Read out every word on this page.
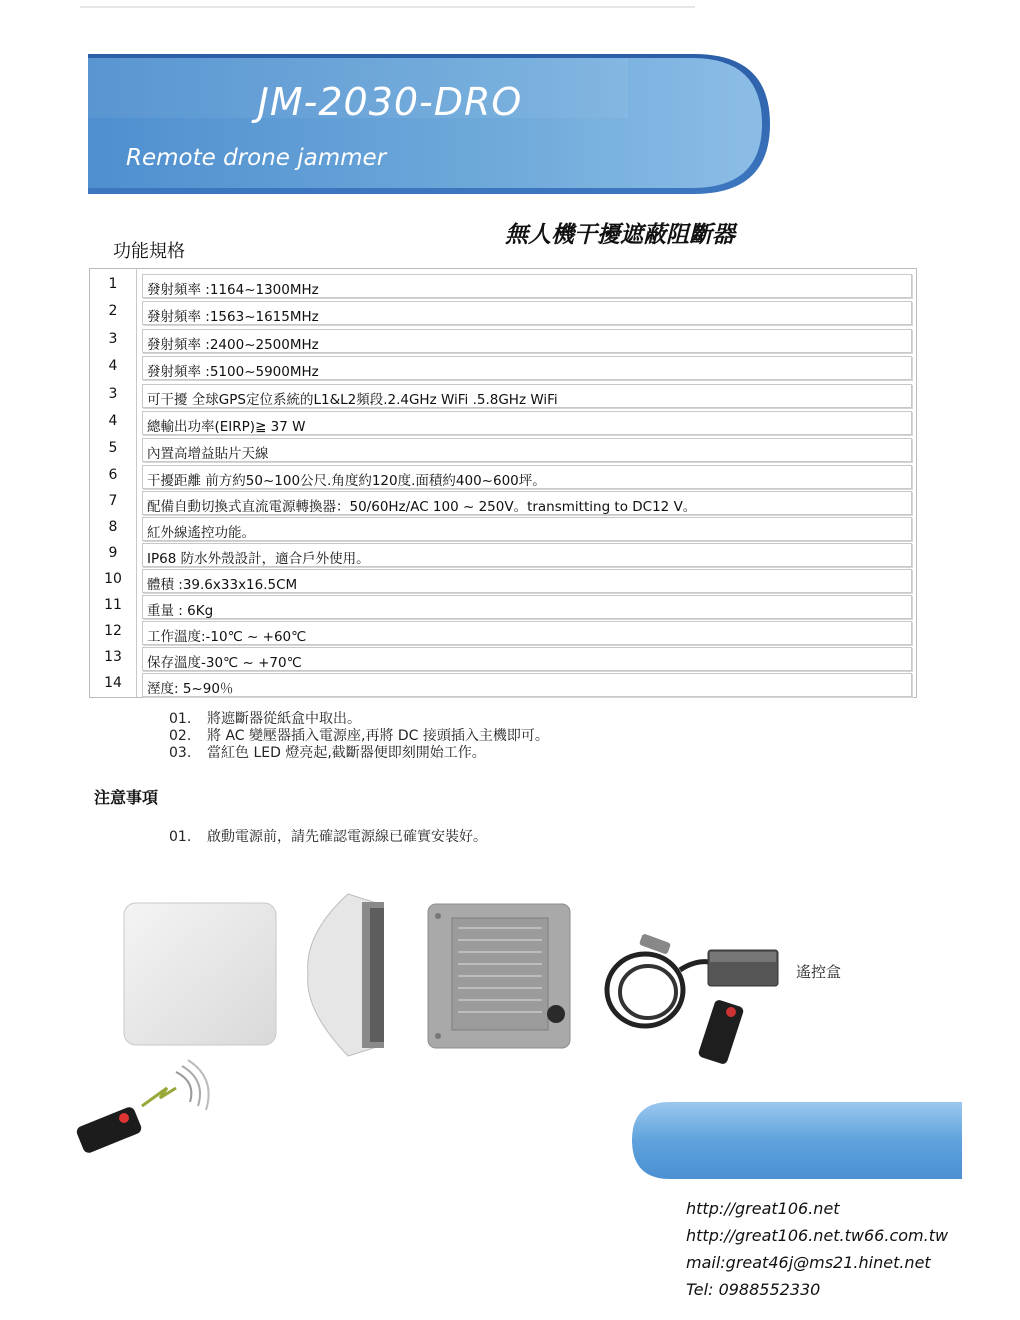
JM-2030-DRO
Remote drone jammer
無人機干擾遮蔽阻斷器
功能規格
1	發射頻率 :1164~1300MHz
2	發射頻率 :1563~1615MHz
3	發射頻率 :2400~2500MHz
4	發射頻率 :5100~5900MHz
3	可干擾 全球GPS定位系統的L1&L2頻段.2.4GHz WiFi .5.8GHz WiFi
4	總輸出功率(EIRP)≧ 37 W
5	內置高增益貼片天線
6	干擾距離 前方約50~100公尺.角度約120度.面積約400~600坪。
7	配備自動切換式直流電源轉換器：50/60Hz/AC 100 ~ 250V。transmitting to DC12 V。
8	紅外線遙控功能。
9	IP68 防水外殼設計，適合戶外使用。
10	體積 :39.6x33x16.5CM
11	重量 : 6Kg
12	工作溫度:-10℃ ~ +60℃
13	保存溫度-30℃ ~ +70℃
14	溼度: 5~90％
01. 將遮斷器從紙盒中取出。
02. 將 AC 變壓器插入電源座,再將 DC 接頭插入主機即可。
03. 當紅色 LED 燈亮起,截斷器便即刻開始工作。
注意事項
01. 啟動電源前，請先確認電源線已確實安裝好。
遙控盒
http://great106.net
http://great106.net.tw66.com.tw
mail:great46j@ms21.hinet.net
Tel: 0988552330
